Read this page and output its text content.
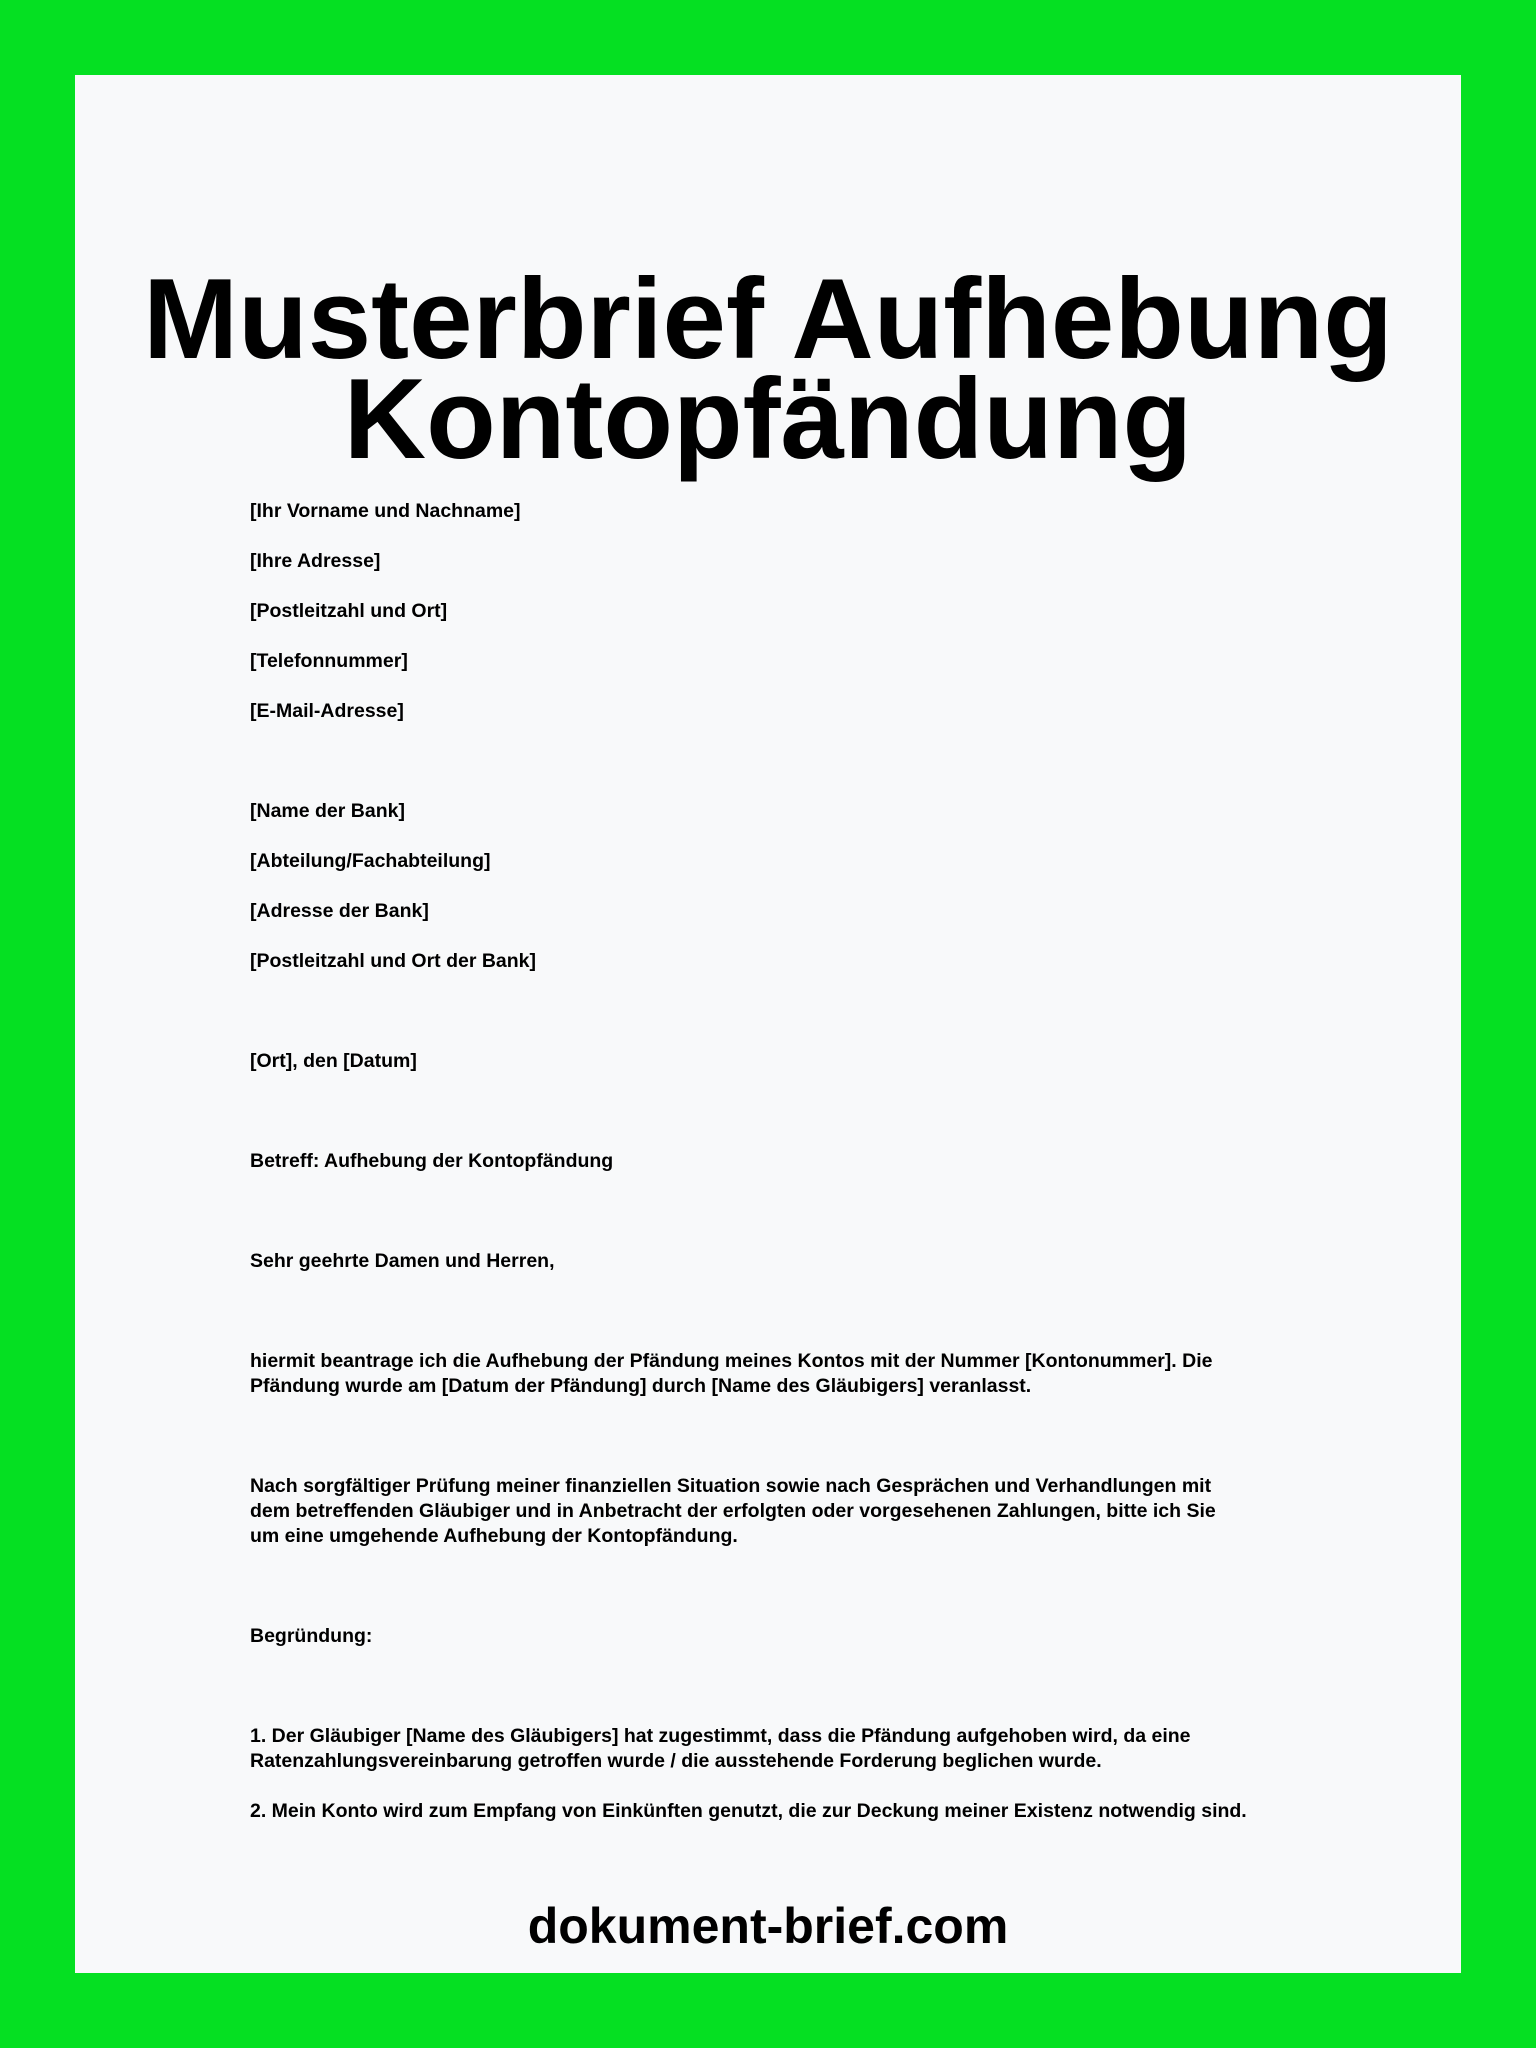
Musterbrief Aufhebung
Kontopfändung

[Ihr Vorname und Nachname]

[Ihre Adresse]

[Postleitzahl und Ort]

[Telefonnummer]

[E-Mail-Adresse]

[Name der Bank]

[Abteilung/Fachabteilung]

[Adresse der Bank]

[Postleitzahl und Ort der Bank]

[Ort], den [Datum]

Betreff: Aufhebung der Kontopfändung

Sehr geehrte Damen und Herren,

hiermit beantrage ich die Aufhebung der Pfändung meines Kontos mit der Nummer [Kontonummer]. Die

Pfändung wurde am [Datum der Pfändung] durch [Name des Gläubigers] veranlasst.

Nach sorgfältiger Prüfung meiner finanziellen Situation sowie nach Gesprächen und Verhandlungen mit

dem betreffenden Gläubiger und in Anbetracht der erfolgten oder vorgesehenen Zahlungen, bitte ich Sie

um eine umgehende Aufhebung der Kontopfändung.

Begründung:

1. Der Gläubiger [Name des Gläubigers] hat zugestimmt, dass die Pfändung aufgehoben wird, da eine

Ratenzahlungsvereinbarung getroffen wurde / die ausstehende Forderung beglichen wurde.

2. Mein Konto wird zum Empfang von Einkünften genutzt, die zur Deckung meiner Existenz notwendig sind.

dokument-brief.com
